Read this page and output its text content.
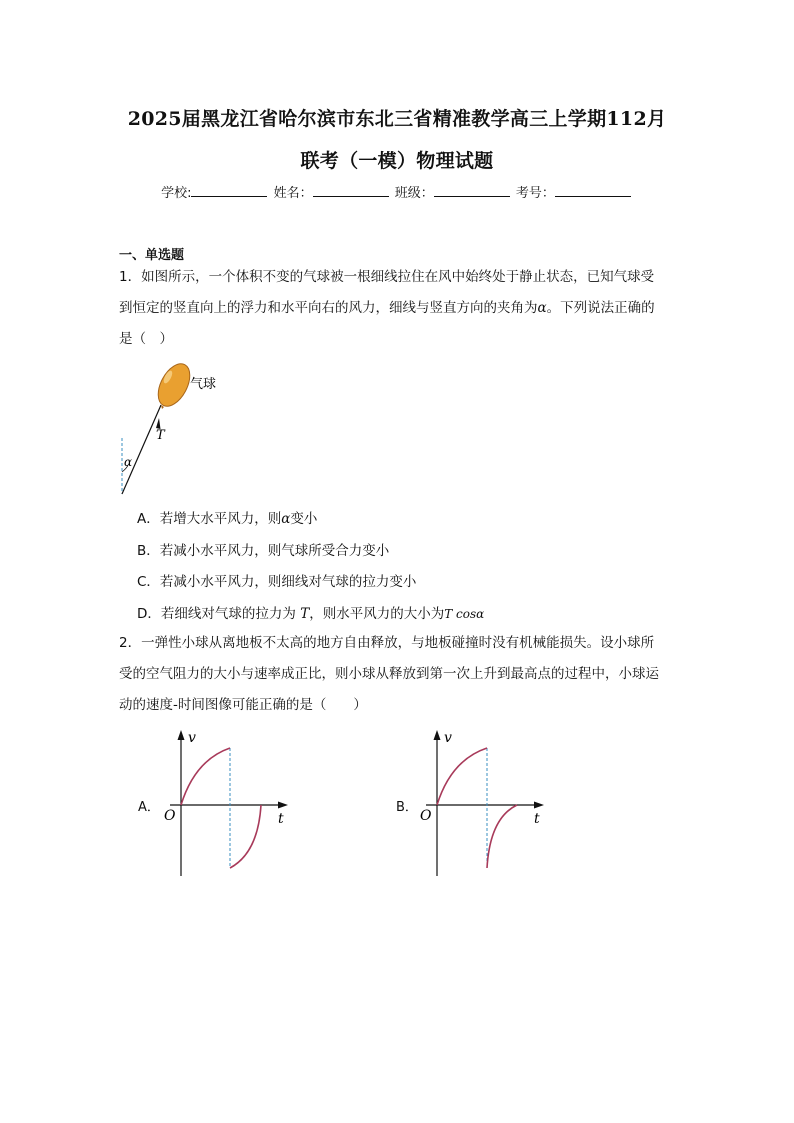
2025届黑龙江省哈尔滨市东北三省精准教学高三上学期112月
联考（一模）物理试题
学校:	姓名：	班级：	考号：
一、单选题
1．如图所示，一个体积不变的气球被一根细线拉住在风中始终处于静止状态，已知气球受
到恒定的竖直向上的浮力和水平向右的风力，细线与竖直方向的夹角为α。下列说法正确的
是（　）
α
T
气球
A．若增大水平风力，则α变小
B．若减小水平风力，则气球所受合力变小
C．若减小水平风力，则细线对气球的拉力变小
D．若细线对气球的拉力为 T，则水平风力的大小为T cosα
2．一弹性小球从离地板不太高的地方自由释放，与地板碰撞时没有机械能损失。设小球所
受的空气阻力的大小与速率成正比，则小球从释放到第一次上升到最高点的过程中，小球运
动的速度-时间图像可能正确的是（　　）
A．
v
t
O
B．
v
t
O
